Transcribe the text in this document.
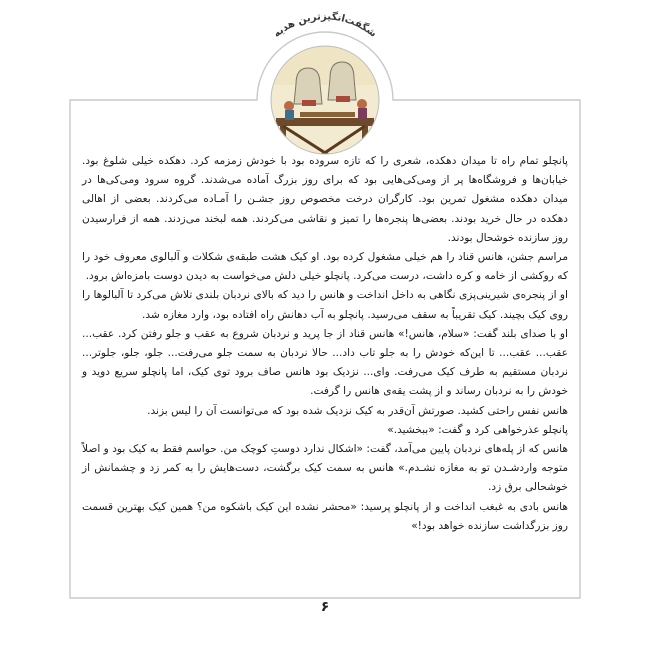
شگفت‌انگیزترین هدیه

پانچلو تمام راه تا میدان دهکده، شعری را که تازه سروده بود با خودش زمزمه کرد. دهکده خیلی شلوغ بود. خیابان‌ها و فروشگاه‌ها پر از ومی‌کی‌هایی بود که برای روز بزرگ آماده می‌شدند. گروه سرود ومی‌کی‌ها در میدان دهکده مشغول تمرین بود. کارگران درخت مخصوص روز جشـن را آمـاده می‌کردند. بعضی از اهالی دهکده در حال خرید بودند. بعضی‌ها پنجره‌ها را تمیز و نقاشی می‌کردند. همه لبخند می‌زدند. همه از فرارسیدن روز سازنده خوشحال بودند.

مراسم جشن، هانس قناد را هم خیلی مشغول کرده بود. او کیک هشت طبقه‌ی شکلات و آلبالوی معروف خود را که روکشی از خامه و کره داشت، درست می‌کرد. پانچلو خیلی دلش می‌خواست به دیدن دوست بامزه‌اش برود.

او از پنجره‌ی شیرینی‌پزی نگاهی به داخل انداخت و هانس را دید که بالای نردبان بلندی تلاش می‌کرد تا آلبالوها را روی کیک بچیند. کیک تقریباً به سقف می‌رسید. پانچلو به آب دهانش راه افتاده بود، وارد مغازه شد.

او با صدای بلند گفت: «سلام، هانس!» هانس قناد از جا پرید و نردبان شروع به عقب و جلو رفتن کرد. عقب... عقب... عقب... تا این‌که خودش را به جلو تاب داد... حالا نردبان به سمت جلو می‌رفت... جلو، جلو، جلوتر... نردبان مستقیم به طرف کیک می‌رفت. وای... نزدیک بود هانس صاف برود توی کیک، اما پانچلو سریع دوید و خودش را به نردبان رساند و از پشت یقه‌ی هانس را گرفت.

هانس نفس راحتی کشید. صورتش آن‌قدر به کیک نزدیک شده بود که می‌توانست آن را لیس بزند.

پانچلو عذرخواهی کرد و گفت: «ببخشید.»

هانس که از پله‌های نردبان پایین می‌آمد، گفت: «اشکال ندارد دوستِ کوچک من. حواسم فقط به کیک بود و اصلاً متوجه واردشـدن تو به مغازه نشـدم.» هانس به سمت کیک برگشت، دست‌هایش را به کمر زد و چشمانش از خوشحالی برق زد.

هانس بادی به غبغب انداخت و از پانچلو پرسید: «محشر نشده این کیک باشکوه من؟ همین کیک بهترین قسمت روز بزرگداشت سازنده خواهد بود!»

۶
